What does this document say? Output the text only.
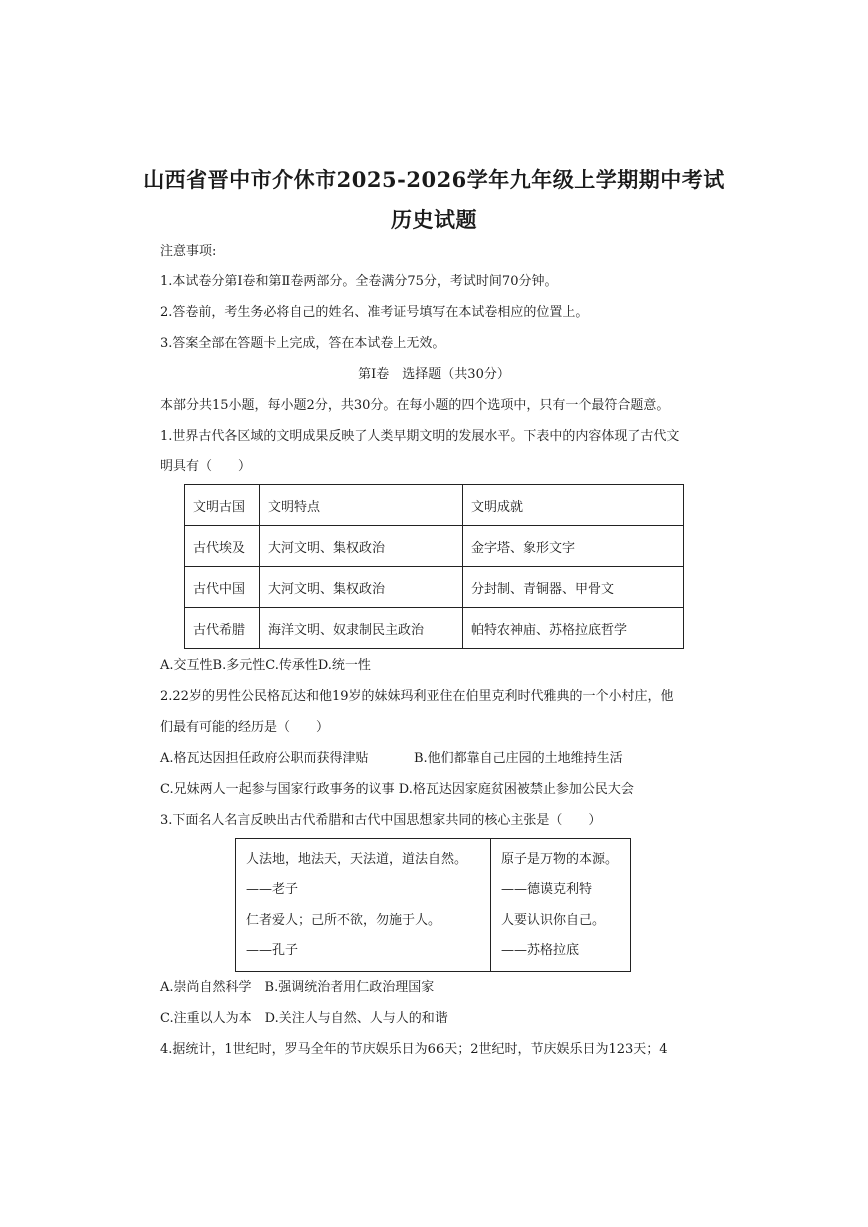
山西省晋中市介休市2025-2026学年九年级上学期期中考试
历史试题
注意事项:
1.本试卷分第Ⅰ卷和第Ⅱ卷两部分。全卷满分75分，考试时间70分钟。
2.答卷前，考生务必将自己的姓名、准考证号填写在本试卷相应的位置上。
3.答案全部在答题卡上完成，答在本试卷上无效。
第Ⅰ卷　选择题（共30分）
本部分共15小题，每小题2分，共30分。在每小题的四个选项中，只有一个最符合题意。
1.世界古代各区域的文明成果反映了人类早期文明的发展水平。下表中的内容体现了古代文
明具有（　　）
文明古国	文明特点	文明成就
古代埃及	大河文明、集权政治	金字塔、象形文字
古代中国	大河文明、集权政治	分封制、青铜器、甲骨文
古代希腊	海洋文明、奴隶制民主政治	帕特农神庙、苏格拉底哲学
A.交互性B.多元性C.传承性D.统一性
2.22岁的男性公民格瓦达和他19岁的妹妹玛利亚住在伯里克利时代雅典的一个小村庄，他
们最有可能的经历是（　　）
A.格瓦达因担任政府公职而获得津贴	B.他们都靠自己庄园的土地维持生活
C.兄妹两人一起参与国家行政事务的议事 D.格瓦达因家庭贫困被禁止参加公民大会
3.下面名人名言反映出古代希腊和古代中国思想家共同的核心主张是（　　）
人法地，地法天，天法道，道法自然。
——老子
仁者爱人；己所不欲，勿施于人。
——孔子
原子是万物的本源。
——德谟克利特
人要认识你自己。
——苏格拉底
A.崇尚自然科学　B.强调统治者用仁政治理国家
C.注重以人为本　D.关注人与自然、人与人的和谐
4.据统计，1世纪时，罗马全年的节庆娱乐日为66天；2世纪时，节庆娱乐日为123天；4
